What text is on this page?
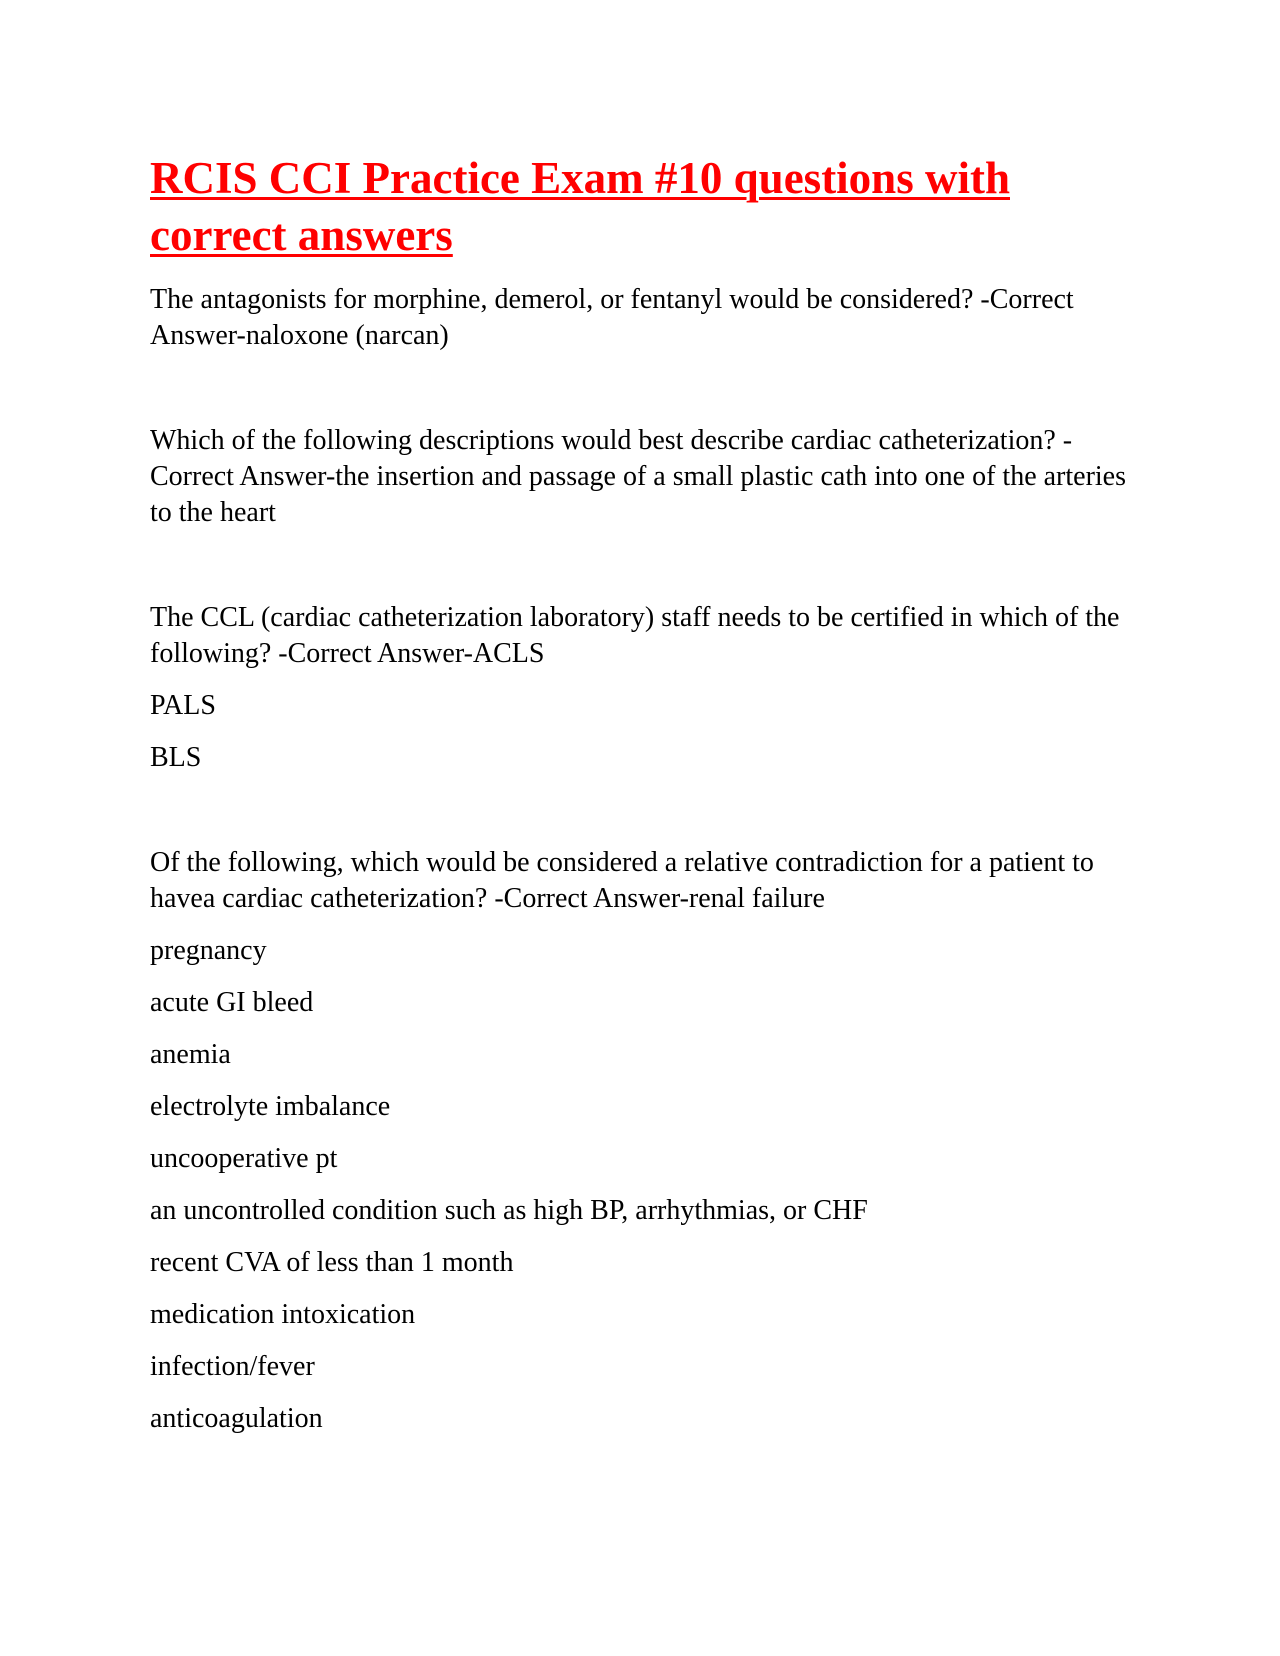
RCIS CCI Practice Exam #10 questions with correct answers

The antagonists for morphine, demerol, or fentanyl would be considered? -Correct Answer-naloxone (narcan)

Which of the following descriptions would best describe cardiac catheterization? - Correct Answer-the insertion and passage of a small plastic cath into one of the arteries to the heart

The CCL (cardiac catheterization laboratory) staff needs to be certified in which of the following? -Correct Answer-ACLS

PALS

BLS

Of the following, which would be considered a relative contradiction for a patient to havea cardiac catheterization? -Correct Answer-renal failure

pregnancy

acute GI bleed

anemia

electrolyte imbalance

uncooperative pt

an uncontrolled condition such as high BP, arrhythmias, or CHF

recent CVA of less than 1 month

medication intoxication

infection/fever

anticoagulation
